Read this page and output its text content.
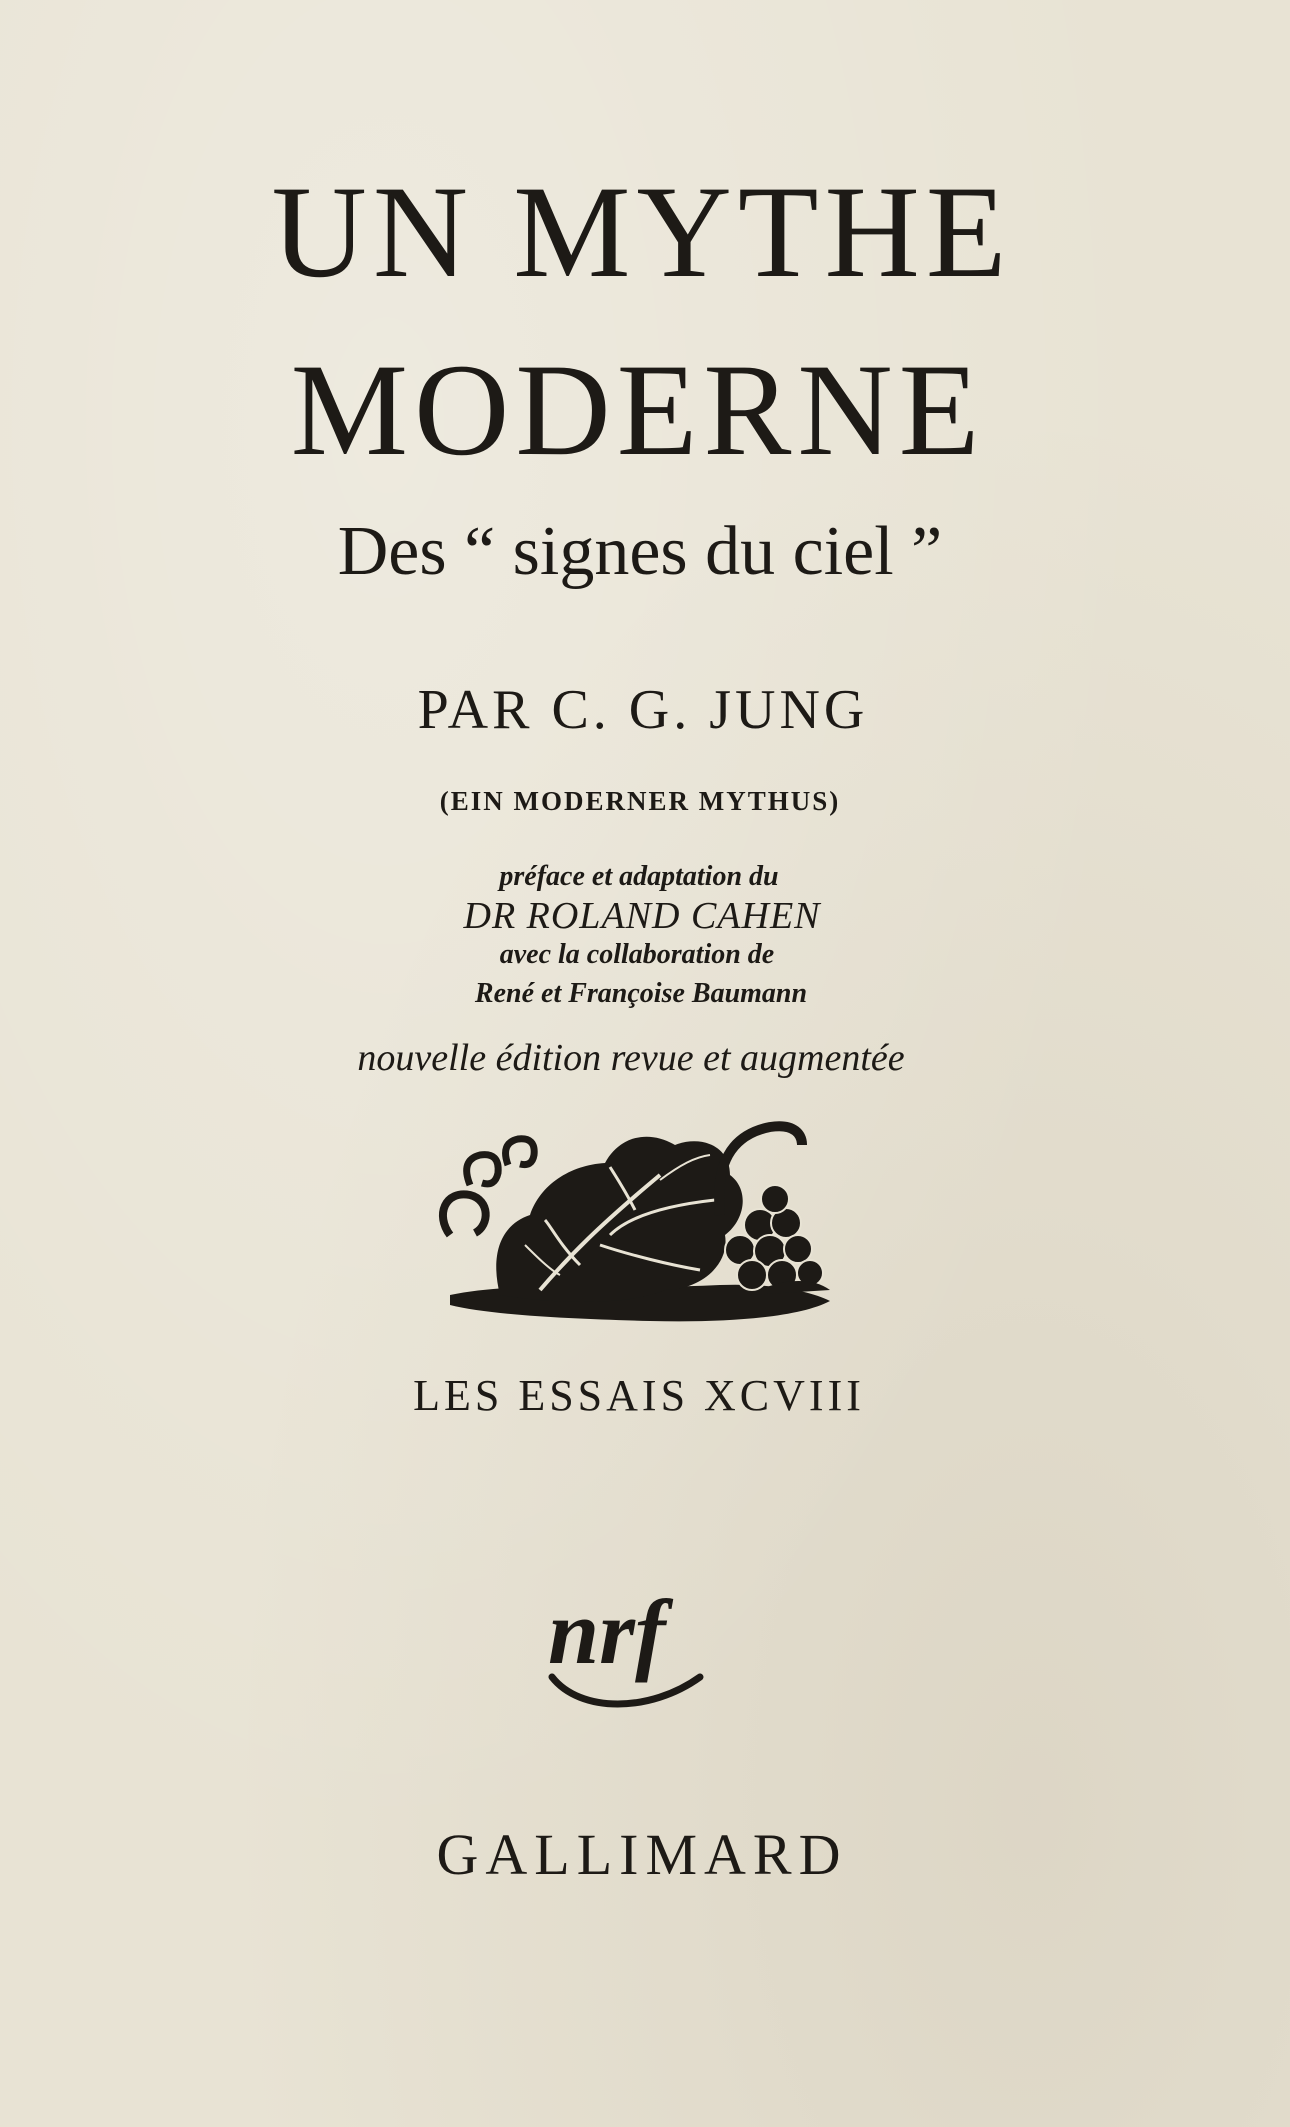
UN MYTHE
MODERNE
Des “ signes du ciel ”
PAR C. G. JUNG
(EIN MODERNER MYTHUS)
préface et adaptation du
DR ROLAND CAHEN
avec la collaboration de
René et Françoise Baumann
nouvelle édition revue et augmentée
LES ESSAIS XCVIII
nrf
GALLIMARD
